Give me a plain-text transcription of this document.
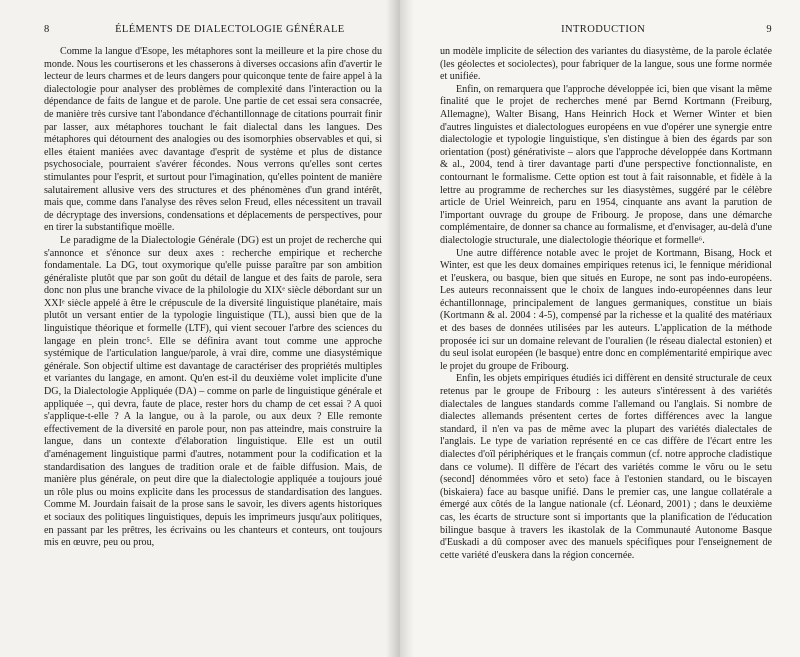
8	ÉLÉMENTS DE DIALECTOLOGIE GÉNÉRALE

Comme la langue d'Esope, les métaphores sont la meilleure et la pire chose du monde. Nous les courtiserons et les chasserons à diverses occasions afin d'avertir le lecteur de leurs charmes et de leurs dangers pour quiconque tente de faire appel à la dialectologie pour analyser des problèmes de complexité dans l'interaction ou la dépendance de faits de langue et de parole. Une partie de cet essai sera consacrée, de manière très cursive tant l'abondance d'échantillonnage de citations pourrait finir par lasser, aux métaphores touchant le fait dialectal dans les langues. Des métaphores qui détournent des analogies ou des isomorphies observables et qui, si elles étaient maniées avec davantage d'esprit de système et plus de distance psychosociale, pourraient s'avérer fécondes. Nous verrons qu'elles sont certes stimulantes pour l'esprit, et surtout pour l'imagination, qu'elles pointent de manière salutairement allusive vers des structures et des phénomènes d'un grand intérêt, mais que, comme dans l'analyse des rêves selon Freud, elles nécessitent un travail de décryptage des inversions, condensations et déplacements de perspectives, pour en tirer la substantifique moëlle.

Le paradigme de la Dialectologie Générale (DG) est un projet de recherche qui s'annonce et s'énonce sur deux axes : recherche empirique et recherche fondamentale. La DG, tout oxymorique qu'elle puisse paraître par son ambition généraliste plutôt que par son goût du détail de langue et des faits de parole, sera donc non plus une branche vivace de la philologie du XIXᵉ siècle débordant sur un XXIᵉ siècle appelé à être le crépuscule de la diversité linguistique planétaire, mais plutôt un versant entier de la typologie linguistique (TL), aussi bien que de la linguistique théorique et formelle (LTF), qui vient secouer l'arbre des sciences du langage en plein tronc⁵. Elle se définira avant tout comme une approche systémique de l'articulation langue/parole, à vrai dire, comme une diasystémique générale. Son objectif ultime est davantage de caractériser des propriétés multiples et variantes du langage, en amont. Qu'en est-il du deuxième volet implicite d'une DG, la Dialectologie Appliquée (DA) – comme on parle de linguistique générale et appliquée –, qui devra, faute de place, rester hors du champ de cet essai ? A quoi s'applique-t-elle ? A la langue, ou à la parole, ou aux deux ? Elle remonte effectivement de la diversité en parole pour, non pas atteindre, mais construire la langue, dans un contexte d'élaboration linguistique. Elle est un outil d'aménagement linguistique parmi d'autres, notamment pour la codification et la standardisation des langues de tradition orale et de faible diffusion. Mais, de manière plus générale, on peut dire que la dialectologie appliquée a toujours joué un rôle plus ou moins explicite dans les processus de standardisation des langues. Comme M. Jourdain faisait de la prose sans le savoir, les divers agents historiques et sociaux des politiques linguistiques, depuis les imprimeurs jusqu'aux politiques, en passant par les prêtres, les écrivains ou les chanteurs et conteurs, ont toujours mis en œuvre, peu ou prou,

INTRODUCTION	9

un modèle implicite de sélection des variantes du diasystème, de la parole éclatée (les géolectes et sociolectes), pour fabriquer de la langue, sous une forme normée et unifiée.

Enfin, on remarquera que l'approche développée ici, bien que visant la même finalité que le projet de recherches mené par Bernd Kortmann (Freiburg, Allemagne), Walter Bisang, Hans Heinrich Hock et Werner Winter et bien d'autres linguistes et dialectologues européens en vue d'opérer une synergie entre dialectologie et typologie linguistique, s'en distingue à bien des égards par son orientation (post) générativiste – alors que l'approche développée dans Kortmann & al., 2004, tend à tirer davantage parti d'une perspective fonctionnaliste, en contournant le formalisme. Cette option est tout à fait raisonnable, et fidèle à la lettre au programme de recherches sur les diasystèmes, suggéré par le célèbre article de Uriel Weinreich, paru en 1954, cinquante ans avant la parution de l'important ouvrage du groupe de Fribourg. Je propose, dans une démarche complémentaire, de donner sa chance au formalisme, et d'envisager, au-delà d'une dialectologie structurale, une dialectologie théorique et formelle⁶.

Une autre différence notable avec le projet de Kortmann, Bisang, Hock et Winter, est que les deux domaines empiriques retenus ici, le fennique méridional et l'euskera, ou basque, bien que situés en Europe, ne sont pas indo-européens. Les auteurs reconnaissent que le choix de langues indo-européennes dans leur échantillonnage, principalement de langues germaniques, constitue un biais (Kortmann & al. 2004 : 4-5), compensé par la richesse et la qualité des matériaux et des bases de données utilisées par les auteurs. L'application de la méthode proposée ici sur un domaine relevant de l'ouralien (le réseau dialectal estonien) et du seul isolat européen (le basque) entre donc en complémentarité empirique avec le projet du groupe de Fribourg.

Enfin, les objets empiriques étudiés ici diffèrent en densité structurale de ceux retenus par le groupe de Fribourg : les auteurs s'intéressent à des variétés dialectales de langues standards comme l'allemand ou l'anglais. Si nombre de dialectes allemands présentent certes de fortes différences avec la langue standard, il n'en va pas de même avec la plupart des variétés dialectales de l'anglais. Le type de variation représenté en ce cas diffère de l'écart entre les dialectes d'oïl périphériques et le français commun (cf. notre approche cladistique dans ce volume). Il diffère de l'écart des variétés comme le võru ou le setu (second] dénommées võro et seto) face à l'estonien standard, ou le biscayen (biskaiera) face au basque unifié. Dans le premier cas, une langue collatérale a émergé aux côtés de la langue nationale (cf. Léonard, 2001) ; dans le deuxième cas, les écarts de structure sont si importants que la planification de l'éducation bilingue basque à travers les ikastolak de la Communauté Autonome Basque d'Euskadi a dû composer avec des manuels spécifiques pour l'enseignement de cette variété d'euskera dans la région concernée.
